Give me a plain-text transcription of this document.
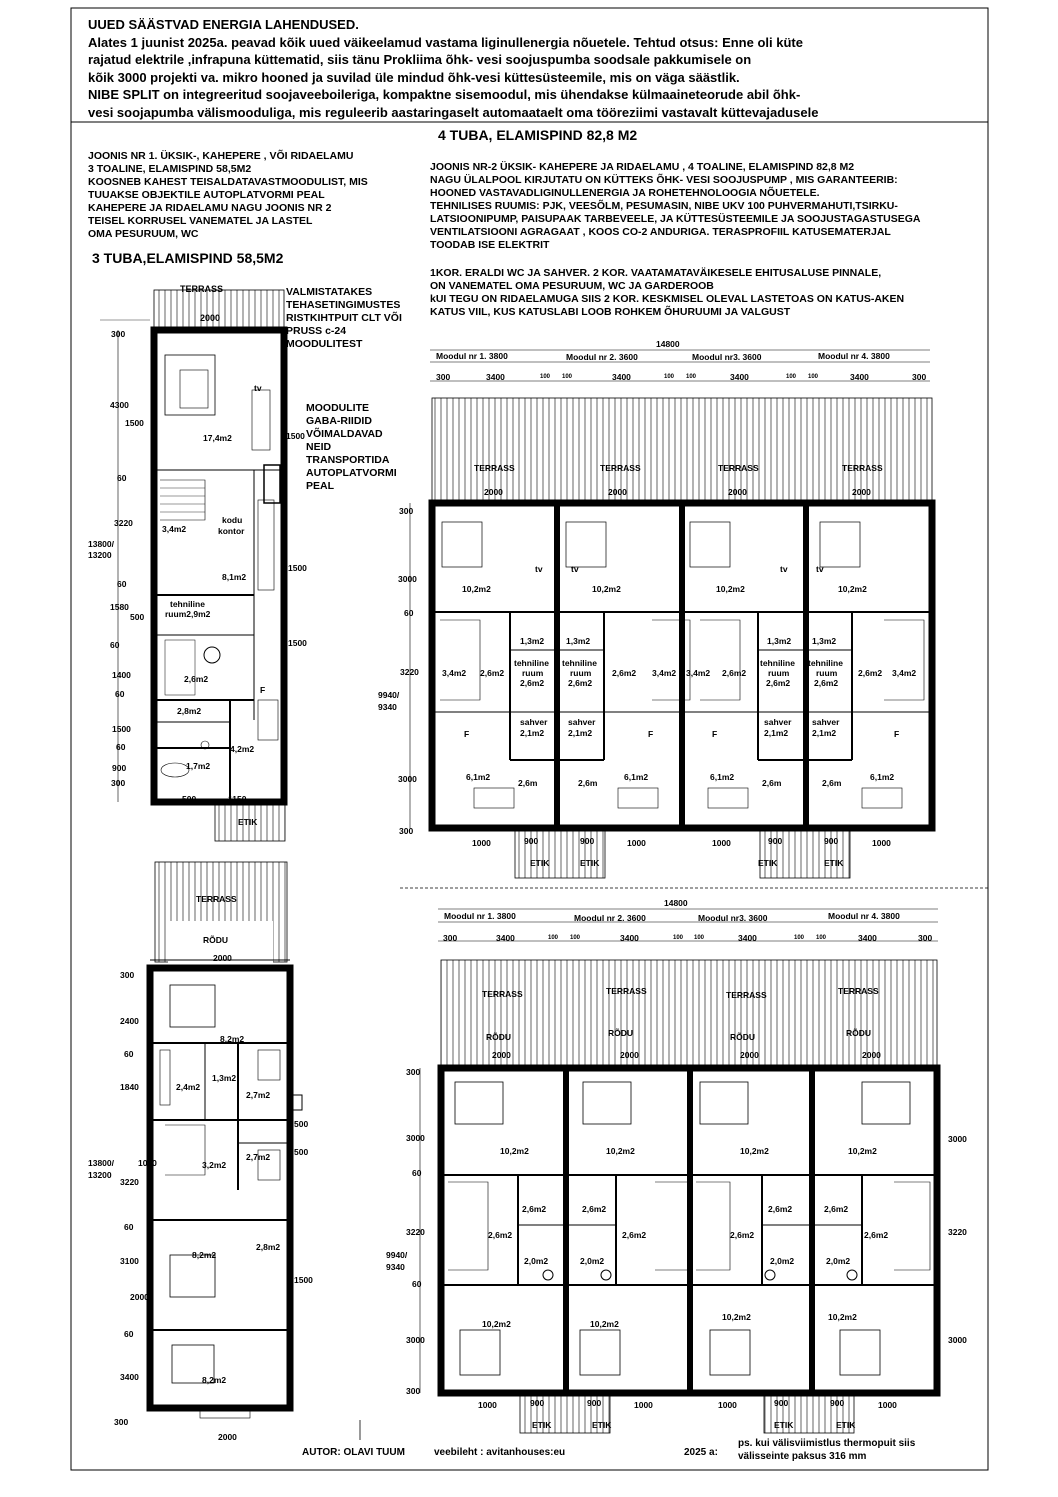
UUED SÄÄSTVAD ENERGIA LAHENDUSED.
Alates 1 juunist 2025a. peavad kõik uued väikeelamud vastama liginullenergia nõuetele. Tehtud otsus: Enne oli küte
rajatud elektrile ,infrapuna küttematid, siis tänu Prokliima õhk- vesi soojuspumba soodsale pakkumisele on
kõik 3000 projekti va. mikro hooned ja suvilad üle mindud õhk-vesi küttesüsteemile, mis on väga säästlik.
NIBE SPLIT on integreeritud soojaveeboileriga, kompaktne sisemoodul, mis ühendakse külmaaineteorude abil õhk-
vesi soojapumba välismooduliga, mis reguleerib aastaringaselt automaataelt oma tööreziimi vastavalt küttevajadusele
4 TUBA, ELAMISPIND 82,8 M2
JOONIS NR 1. ÜKSIK-, KAHEPERE , VÕI RIDAELAMU
3 TOALINE, ELAMISPIND 58,5M2
KOOSNEB KAHEST TEISALDATAVASTMOODULIST, MIS
TUUAKSE OBJEKTILE AUTOPLATVORMI PEAL
KAHEPERE JA RIDAELAMU NAGU JOONIS NR 2
TEISEL KORRUSEL VANEMATEL JA LASTEL
OMA PESURUUM, WC
3 TUBA,ELAMISPIND 58,5M2
JOONIS NR-2 ÜKSIK- KAHEPERE JA RIDAELAMU , 4 TOALINE, ELAMISPIND 82,8 M2
NAGU ÜLALPOOL KIRJUTATU ON KÜTTEKS ÕHK- VESI SOOJUSPUMP , MIS GARANTEERIB:
HOONED VASTAVADLIGINULLENERGIA JA ROHETEHNOLOOGIA NÕUETELE.
TEHNILISES RUUMIS: PJK, VEESÕLM, PESUMASIN, NIBE UKV 100 PUHVERMAHUTI,TSIRKU-
LATSIOONIPUMP, PAISUPAAK TARBEVEELE, JA KÜTTESÜSTEEMILE JA SOOJUSTAGASTUSEGA
VENTILATSIOONI AGRAGAAT , KOOS CO-2 ANDURIGA. TERASPROFIIL KATUSEMATERJAL
TOODAB ISE ELEKTRIT
1KOR. ERALDI WC JA SAHVER. 2 KOR. VAATAMATAVÄIKESELE EHITUSALUSE PINNALE,
ON VANEMATEL OMA PESURUUM, WC JA GARDEROOB
kUI TEGU ON RIDAELAMUGA SIIS 2 KOR. KESKMISEL OLEVAL LASTETOAS ON KATUS-AKEN
KATUS VIIL, KUS KATUSLABI LOOB ROHKEM ÕHURUUMI JA VALGUST
VALMISTATAKES
TEHASETINGIMUSTES
RISTKIHTPUIT CLT VÕI
PRUSS c-24
MOODULITEST
MOODULITE
GABA-RIIDID
VÕIMALDAVAD
NEID
TRANSPORTIDA
AUTOPLATVORMI
PEAL
TERRASS
2000
300
4300
1500
60
3220
13800/
13200
60
1580
500
60
1400
60
1500
60
900
300
1500
1500
1500
17,4m2
kodu
kontor
3,4m2
8,1m2
tehniline
ruum2,9m2
2,6m2
2,8m2
4,2m2
1,7m2
tv
F
ETIK
500	1150
TERRASS
RÕDU
2000
300
2400
60
1840
1000
13800/
13200
3220
60
3100
2000
60
3400
300
500
500
1500
8,2m2
1,3m2
2,4m2
2,7m2
3,2m2
2,7m2
2,8m2
8,2m2
8,2m2
2000
14800
Moodul nr 1. 3800	Moodul nr 2. 3600	Moodul nr3. 3600	Moodul nr 4. 3800
300	3400	100 100	3400	100 100	3400	100 100	3400	300
TERRASS	TERRASS	TERRASS	TERRASS
2000	2000	2000	2000
300
3000
60
3220
9940/
9340
3000
300
tv	tv	tv	tv
10,2m2	10,2m2	10,2m2	10,2m2
1,3m2	1,3m2	1,3m2 1,3m2
tehniline
ruum
2,6m2
tehniline
ruum
2,6m2
tehniline
ruum
2,6m2
tehniline
ruum
2,6m2
3,4m2	3,4m2 3,4m2	3,4m2
2,6m2	2,6m2	2,6m2	2,6m2
sahver
2,1m2
sahver
2,1m2
sahver
2,1m2
sahver
2,1m2
6,1m2	6,1m2	6,1m2	6,1m2
2,6m	2,6m	2,6m	2,6m
F	F	F	F
1000	900	900	1000	1000	900	900	1000
ETIK	ETIK	ETIK	ETIK
14800
Moodul nr 1. 3800	Moodul nr 2. 3600	Moodul nr3. 3600	Moodul nr 4. 3800
300	3400	100 100	3400	100 100	3400	100 100	3400	300
TERRASS	TERRASS	TERRASS	TERRASS
RÕDU	RÕDU	RÕDU	RÕDU
2000	2000	2000	2000
300
3000
60
3220
9940/
9340
60
3000
300
3000
3220
3000
10,2m2	10,2m2	10,2m2	10,2m2
2,6m2	2,6m2	2,6m2	2,6m2
2,6m2	2,6m2	2,6m2	2,6m2
2,0m2	2,0m2	2,0m2	2,0m2
10,2m2	10,2m2
10,2m2	10,2m2
1000	900	900	1000	1000	900	900	1000
ETIK	ETIK	ETIK	ETIK
AUTOR: OLAVI TUUM	veebileht : avitanhouses:eu	2025 a:
ps. kui välisviimistlus thermopuit siis
välisseinte paksus 316 mm
